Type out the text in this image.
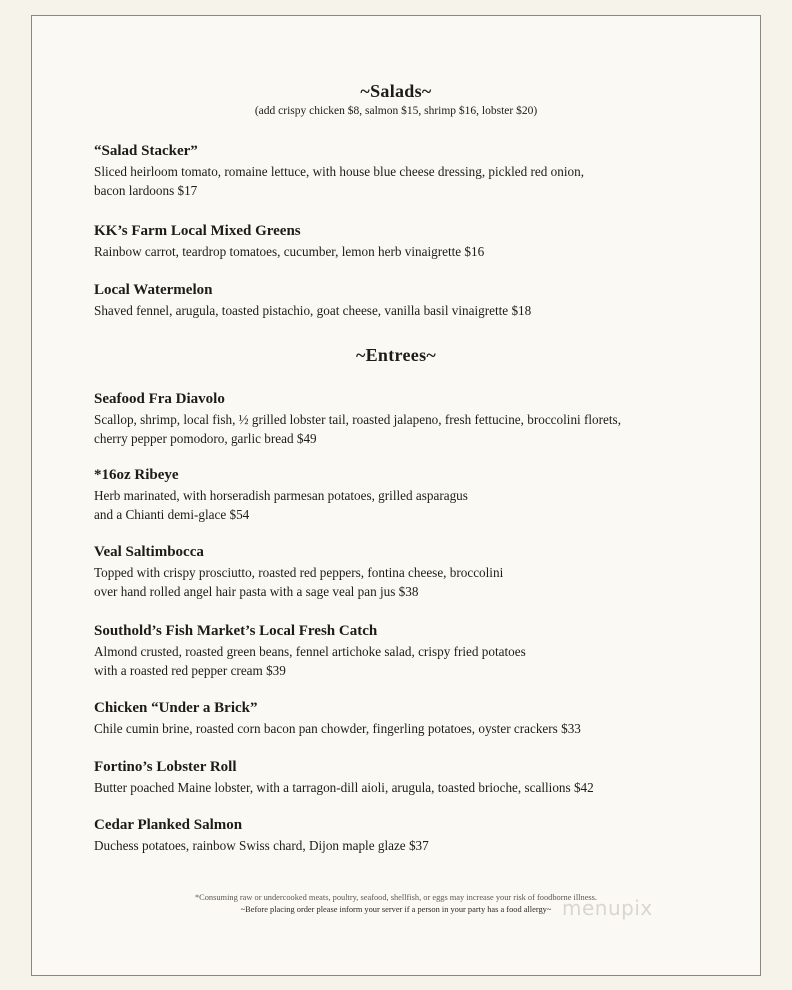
~Salads~
(add crispy chicken $8, salmon $15, shrimp $16, lobster $20)
“Salad Stacker”
Sliced heirloom tomato, romaine lettuce, with house blue cheese dressing, pickled red onion,
bacon lardoons $17
KK’s Farm Local Mixed Greens
Rainbow carrot, teardrop tomatoes, cucumber, lemon herb vinaigrette $16
Local Watermelon
Shaved fennel, arugula, toasted pistachio, goat cheese, vanilla basil vinaigrette $18
~Entrees~
Seafood Fra Diavolo
Scallop, shrimp, local fish, ½ grilled lobster tail, roasted jalapeno, fresh fettucine, broccolini florets,
cherry pepper pomodoro, garlic bread $49
*16oz Ribeye
Herb marinated, with horseradish parmesan potatoes, grilled asparagus
and a Chianti demi-glace $54
Veal Saltimbocca
Topped with crispy prosciutto, roasted red peppers, fontina cheese, broccolini
over hand rolled angel hair pasta with a sage veal pan jus $38
Southold’s Fish Market’s Local Fresh Catch
Almond crusted, roasted green beans, fennel artichoke salad, crispy fried potatoes
with a roasted red pepper cream $39
Chicken “Under a Brick”
Chile cumin brine, roasted corn bacon pan chowder, fingerling potatoes, oyster crackers $33
Fortino’s Lobster Roll
Butter poached Maine lobster, with a tarragon-dill aioli, arugula, toasted brioche, scallions $42
Cedar Planked Salmon
Duchess potatoes, rainbow Swiss chard, Dijon maple glaze $37
*Consuming raw or undercooked meats, poultry, seafood, shellfish, or eggs may increase your risk of foodborne illness.
~Before placing order please inform your server if a person in your party has a food allergy~ menupix
